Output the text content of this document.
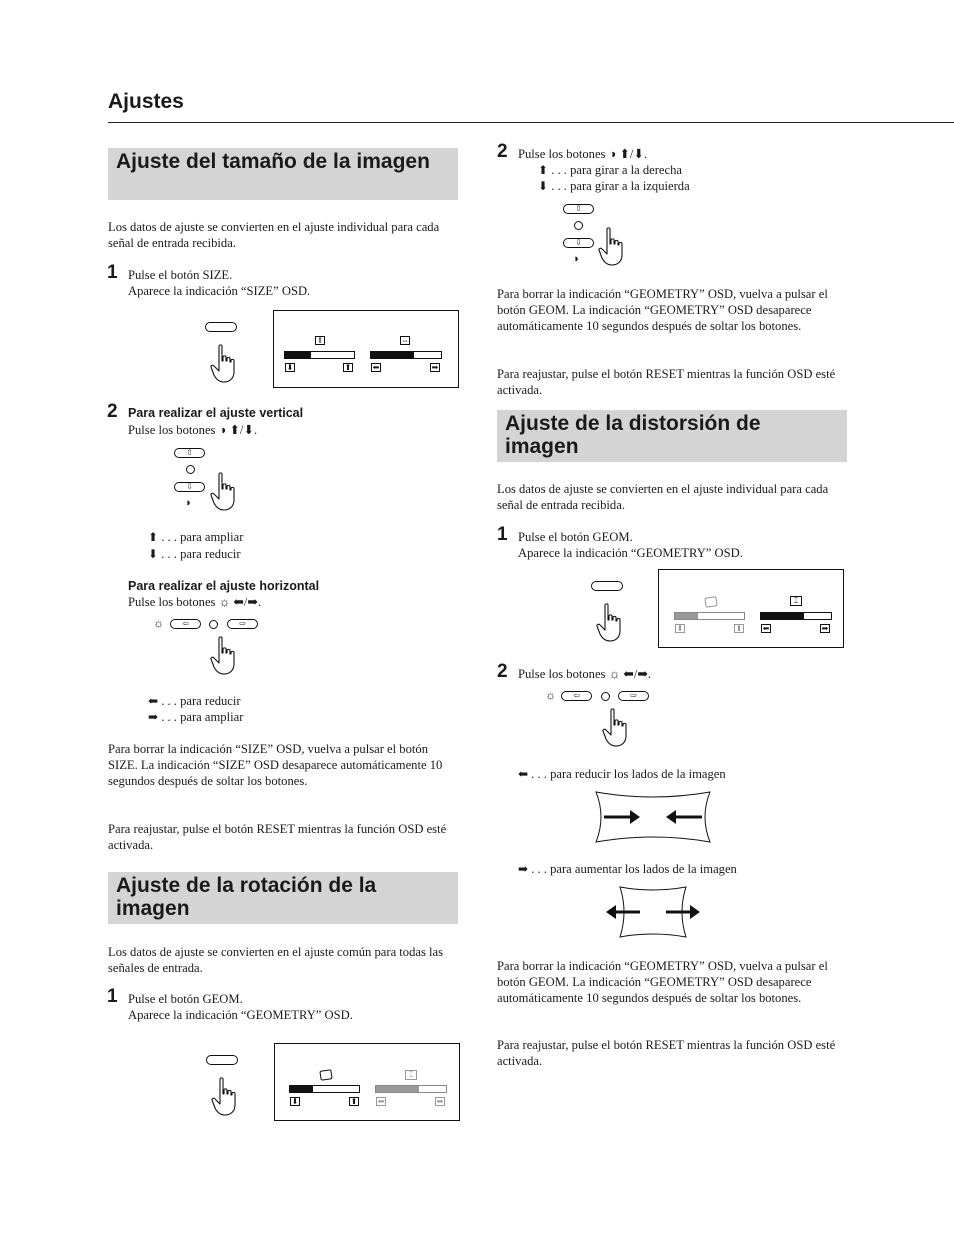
Ajustes
Ajuste del tamaño de la imagen
Los datos de ajuste se convierten en el ajuste individual para cada señal de entrada recibida.
1 Pulse el botón SIZE.
Aparece la indicación “SIZE” OSD.
⇕	⇔
⬇	⬆	⬅	➡
2 Para realizar el ajuste vertical
Pulse los botones ◑ ⬆/⬇.
⇧
⇩
◑
⬆ . . . para ampliar
⬇ . . . para reducir
Para realizar el ajuste horizontal
Pulse los botones ☼ ⬅/➡.
☼	⇦	⇨
⬅ . . . para reducir
➡ . . . para ampliar
Para borrar la indicación “SIZE” OSD, vuelva a pulsar el botón SIZE. La indicación “SIZE” OSD desaparece automáticamente 10 segundos después de soltar los botones.
Para reajustar, pulse el botón RESET mientras la función OSD esté activada.
Ajuste de la rotación de la imagen
Los datos de ajuste se convierten en el ajuste común para todas las señales de entrada.
1 Pulse el botón GEOM.
Aparece la indicación “GEOMETRY” OSD.
⌶
⬇	⬆	⬅	➡
2 Pulse los botones ◑ ⬆/⬇.
⬆ . . . para girar a la derecha
⬇ . . . para girar a la izquierda
⇧
⇩
◑
Para borrar la indicación “GEOMETRY” OSD, vuelva a pulsar el botón GEOM. La indicación “GEOMETRY” OSD desaparece automáticamente 10 segundos después de soltar los botones.
Para reajustar, pulse el botón RESET mientras la función OSD esté activada.
Ajuste de la distorsión de imagen
Los datos de ajuste se convierten en el ajuste individual para cada señal de entrada recibida.
1 Pulse el botón GEOM.
Aparece la indicación “GEOMETRY” OSD.
⌶
⬇	⬆	⬅	➡
2 Pulse los botones ☼ ⬅/➡.
☼	⇦	⇨
⬅ . . . para reducir los lados de la imagen
➡ . . . para aumentar los lados de la imagen
Para borrar la indicación “GEOMETRY” OSD, vuelva a pulsar el botón GEOM. La indicación “GEOMETRY” OSD desaparece automáticamente 10 segundos después de soltar los botones.
Para reajustar, pulse el botón RESET mientras la función OSD esté activada.
